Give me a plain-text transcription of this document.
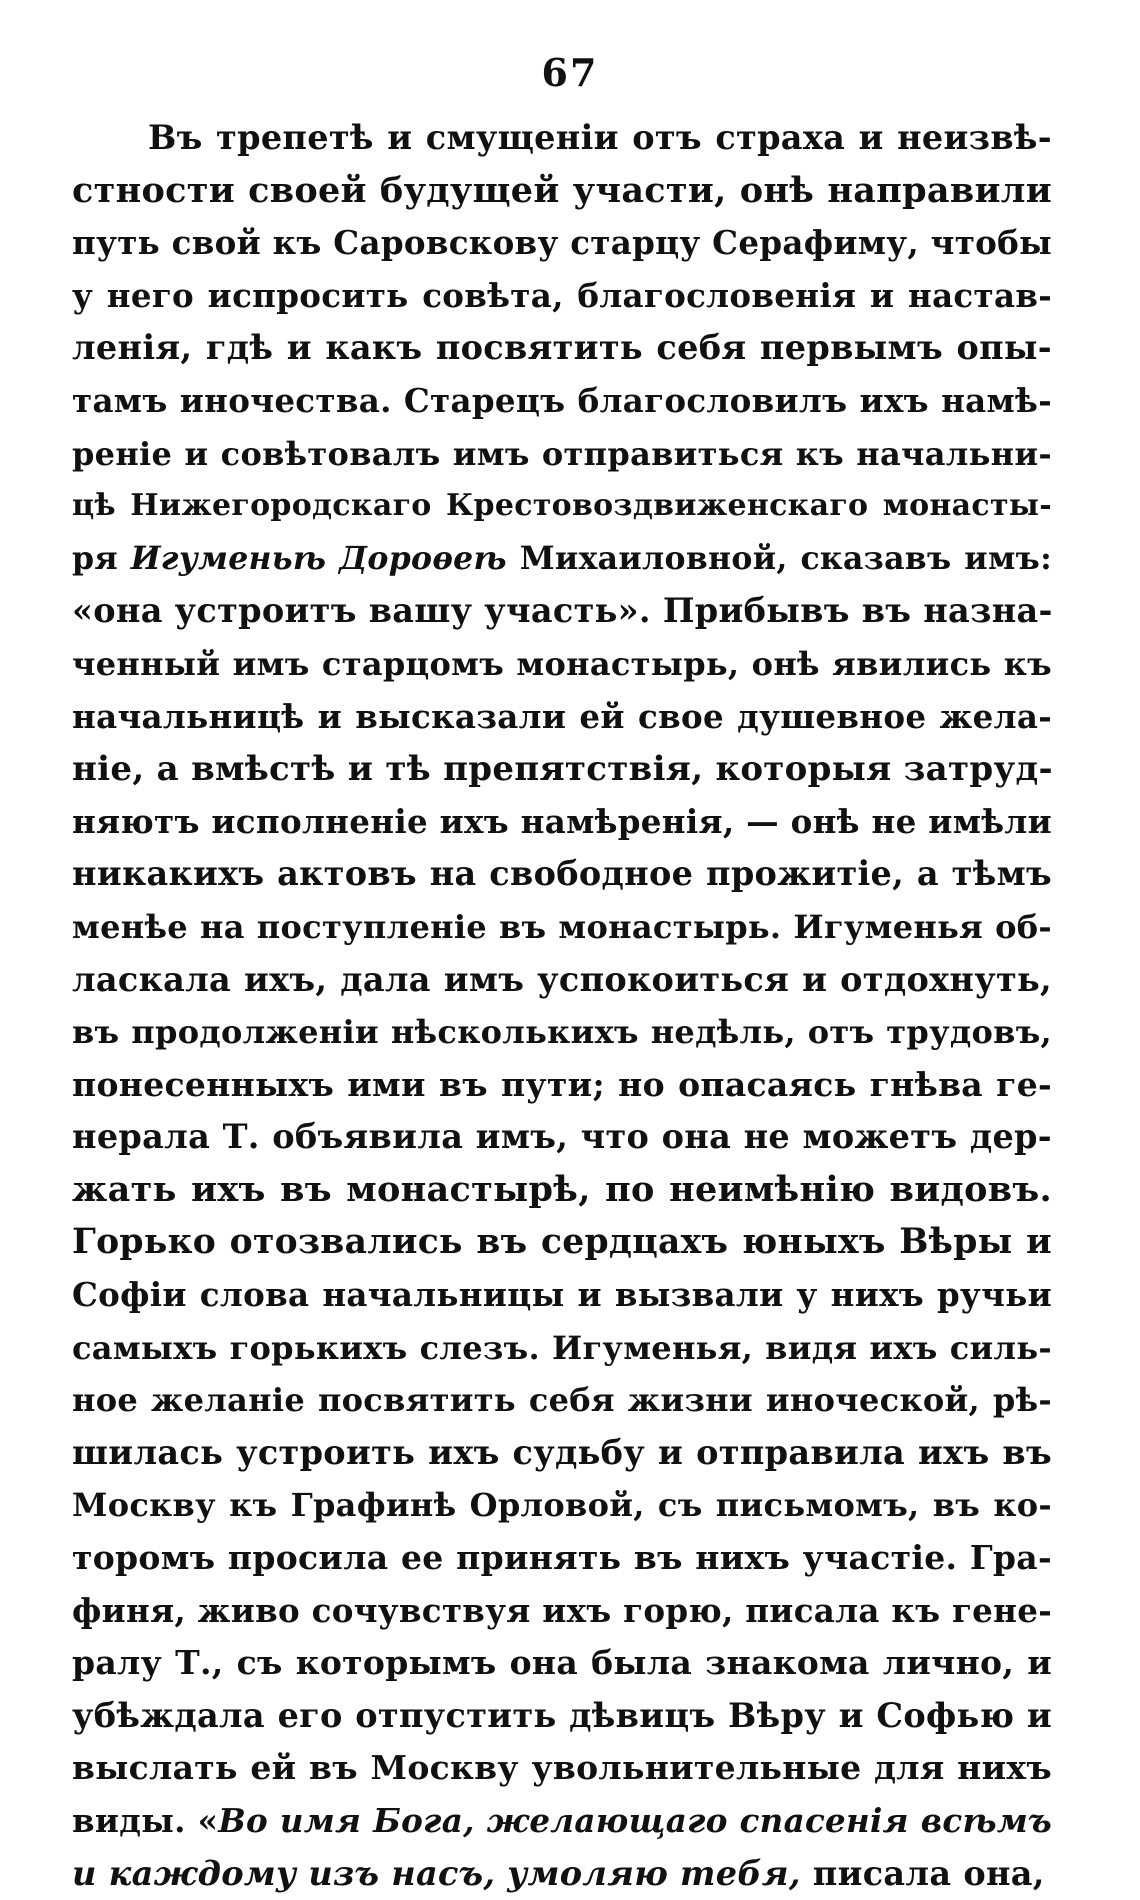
67
Въ трепетѣ и смущеніи отъ страха и неизвѣ-
стности своей будущей участи, онѣ направили
путь свой къ Саровскову старцу Серафиму, чтобы
у него испросить совѣта, благословенія и настав-
ленія, гдѣ и какъ посвятить себя первымъ опы-
тамъ иночества. Старецъ благословилъ ихъ намѣ-
реніе и совѣтовалъ имъ отправиться къ начальни-
цѣ Нижегородскаго Крестовоздвиженскаго монасты-
ря Игуменьѣ Дороѳеѣ Михаиловной, сказавъ имъ:
«она устроитъ вашу участь». Прибывъ въ назна-
ченный имъ старцомъ монастырь, онѣ явились къ
начальницѣ и высказали ей свое душевное жела-
ніе, а вмѣстѣ и тѣ препятствія, которыя затруд-
няютъ исполненіе ихъ намѣренія, — онѣ не имѣли
никакихъ актовъ на свободное прожитіе, а тѣмъ
менѣе на поступленіе въ монастырь. Игуменья об-
ласкала ихъ, дала имъ успокоиться и отдохнуть,
въ продолженіи нѣсколькихъ недѣль, отъ трудовъ,
понесенныхъ ими въ пути; но опасаясь гнѣва ге-
нерала Т. объявила имъ, что она не можетъ дер-
жать ихъ въ монастырѣ, по неимѣнію видовъ.
Горько отозвались въ сердцахъ юныхъ Вѣры и
Софіи слова начальницы и вызвали у нихъ ручьи
самыхъ горькихъ слезъ. Игуменья, видя ихъ силь-
ное желаніе посвятить себя жизни иноческой, рѣ-
шилась устроить ихъ судьбу и отправила ихъ въ
Москву къ Графинѣ Орловой, съ письмомъ, въ ко-
торомъ просила ее принять въ нихъ участіе. Гра-
финя, живо сочувствуя ихъ горю, писала къ гене-
ралу Т., съ которымъ она была знакома лично, и
убѣждала его отпустить дѣвицъ Вѣру и Софью и
выслать ей въ Москву увольнительные для нихъ
виды. «Во имя Бога, желающаго спасенія всѣмъ
и каждому изъ насъ, умоляю тебя, писала она,
